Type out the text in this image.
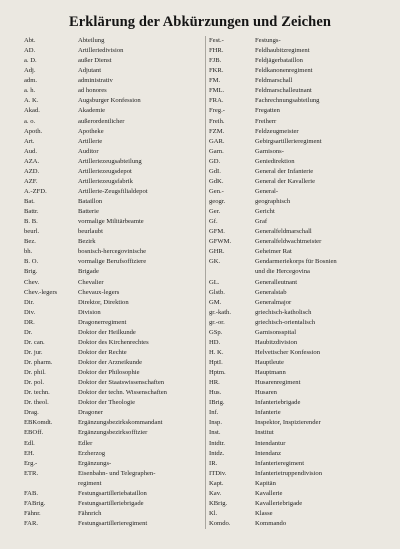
Erklärung der Abkürzungen und Zeichen
Abt.	Abteilung
AD.	Artilleriedivision
a. D.	außer Dienst
Adj.	Adjutant
adm.	administrativ
a. h.	ad honores
A. K.	Augsburger Konfession
Akad.	Akademie
a. o.	außerordentlicher
Apoth.	Apotheke
Art.	Artillerie
Aud.	Auditor
AZA.	Artilleriezeugsabteilung
AZD.	Artilleriezeugsdepot
AZF.	Artilleriezeugsfabrik
A.-ZFD.	Artillerie-Zeugsfilialdepot
Bat.	Bataillon
Battr.	Batterie
B. B.	vormalige Militärbeamte
beurl.	beurlaubt
Bez.	Bezirk
bh.	bosnisch-hercegovinische
B. O.	vormalige Berufsoffiziere
Brig.	Brigade
Chev.	Chevalier
Chev.-legers	Chevaux-legers
Dir.	Direktor, Direktion
Div.	Division
DR.	Dragonerregiment
Dr.	Doktor der Heilkunde
Dr. can.	Doktor des Kirchenrechtes
Dr. jur.	Doktor der Rechte
Dr. pharm.	Doktor der Arzneikunde
Dr. phil.	Doktor der Philosophie
Dr. pol.	Doktor der Staatswissenschaften
Dr. techn.	Doktor der techn. Wissenschaften
Dr. theol.	Doktor der Theologie
Drag.	Dragoner
EBKomdt.	Ergänzungsbezirkskommandant
EBOff.	Ergänzungsbezirksoffizier
Edl.	Edler
EH.	Erzherzog
Erg.-	Ergänzungs-
ETR.	Eisenbahn- und Telegraphen-
regiment
FAB.	Festungsartilleriebataillon
FABrig.	Festungsartilleriebrigade
Fähnr.	Fähnrich
FAR.	Festungsartillerieregiment
Fest.-	Festungs-
FHR.	Feldhaubitzregiment
FJB.	Feldjägerbataillon
FKR.	Feldkanonenregiment
FM.	Feldmarschall
FML.	Feldmarschalleutnant
FRA.	Fachrechnungsabteilung
Freg.-	Fregatten
Freih.	Freiherr
FZM.	Feldzeugmeister
GAR.	Gebirgsartillerieregiment
Garn.	Garnisons-
GD.	Geniedirektion
GdI.	General der Infanterie
GdK.	General der Kavallerie
Gen.-	General-
geogr.	geographisch
Ger.	Gericht
Gf.	Graf
GFM.	Generalfeldmarschall
GFWM.	Generalfeldwachtmeister
GHR.	Geheimer Rat
GK.	Gendarmeriekorps für Bosnien
und die Hercegovina
GL.	Generalleutnant
Glstb.	Generalstab
GM.	Generalmajor
gr.-kath.	griechisch-katholisch
gr.-or.	griechisch-orientalisch
GSp.	Garnisonsspital
HD.	Haubitzdivision
H. K.	Helvetischer Konfession
HptI.	Hauptleute
Hptm.	Hauptmann
HR.	Husarenregiment
Hus.	Husaren
IBrig.	Infanteriebrigade
Inf.	Infanterie
Insp.	Inspektor, Inspizierender
Inst.	Institut
Intdtr.	Intendantur
Intdz.	Intendanz
IR.	Infanterieregiment
ITDiv.	Infanterietruppendivision
Kapt.	Kapitän
Kav.	Kavallerie
KBrig.	Kavalleriebrigade
Kl.	Klasse
Komdo.	Kommando
